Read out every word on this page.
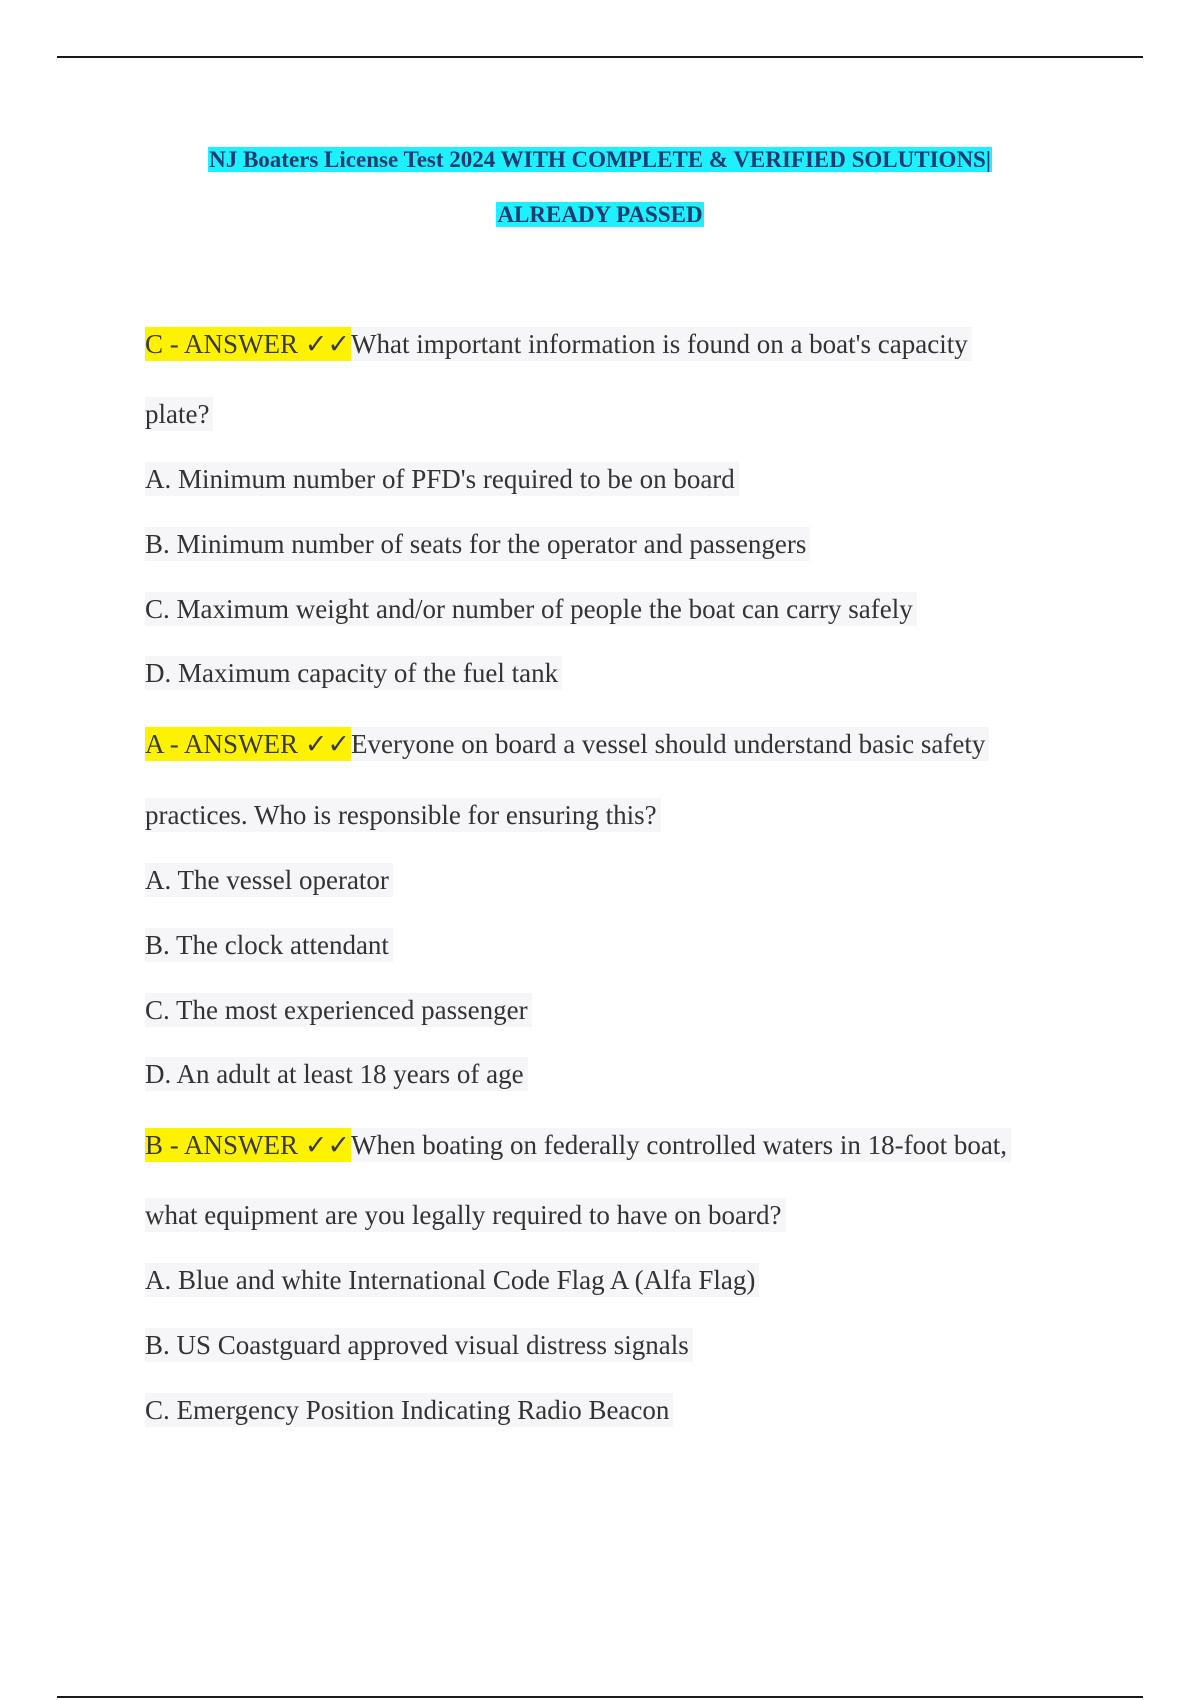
NJ Boaters License Test 2024 WITH COMPLETE & VERIFIED SOLUTIONS|
ALREADY PASSED
C - ANSWER ✓✓What important information is found on a boat's capacity
plate?
A. Minimum number of PFD's required to be on board
B. Minimum number of seats for the operator and passengers
C. Maximum weight and/or number of people the boat can carry safely
D. Maximum capacity of the fuel tank
A - ANSWER ✓✓Everyone on board a vessel should understand basic safety
practices. Who is responsible for ensuring this?
A. The vessel operator
B. The clock attendant
C. The most experienced passenger
D. An adult at least 18 years of age
B - ANSWER ✓✓When boating on federally controlled waters in 18-foot boat,
what equipment are you legally required to have on board?
A. Blue and white International Code Flag A (Alfa Flag)
B. US Coastguard approved visual distress signals
C. Emergency Position Indicating Radio Beacon
